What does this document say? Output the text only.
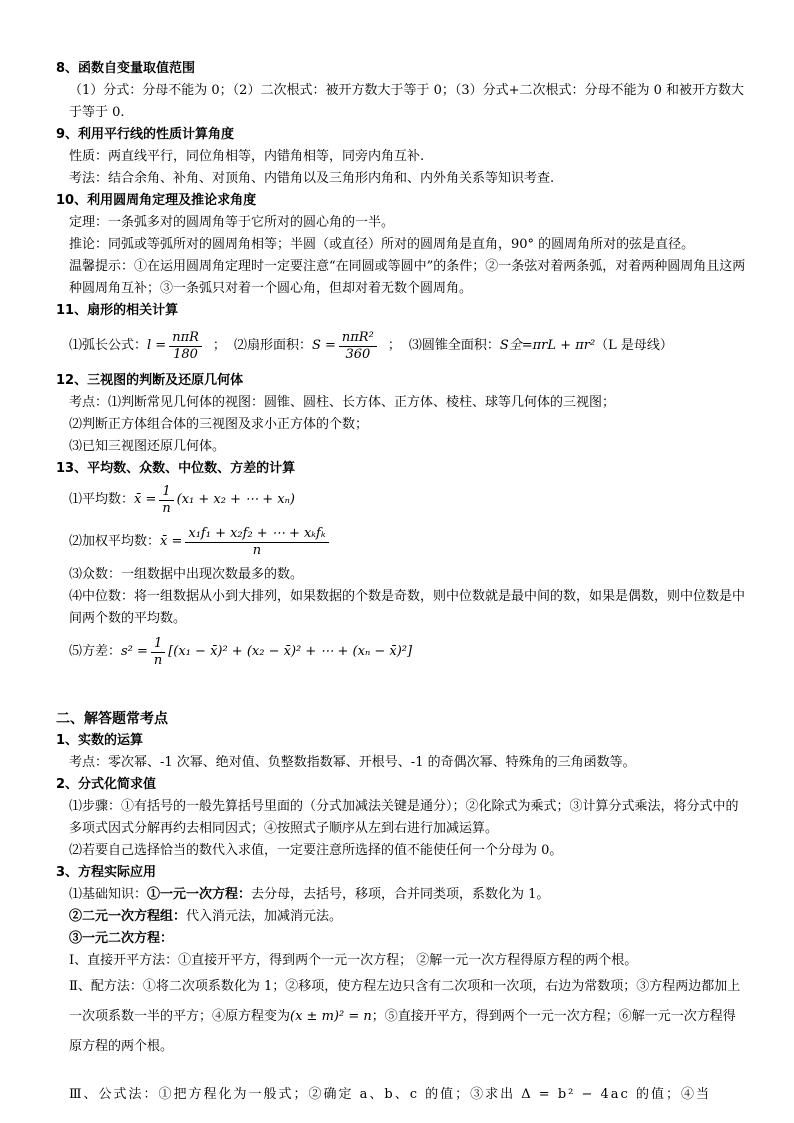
8、函数自变量取值范围
（1）分式：分母不能为 0；（2）二次根式：被开方数大于等于 0；（3）分式+二次根式：分母不能为 0 和被开方数大于等于 0.
9、利用平行线的性质计算角度
性质：两直线平行，同位角相等，内错角相等，同旁内角互补.
考法：结合余角、补角、对顶角、内错角以及三角形内角和、内外角关系等知识考查.
10、利用圆周角定理及推论求角度
定理：一条弧多对的圆周角等于它所对的圆心角的一半。
推论：同弧或等弧所对的圆周角相等；半圆（或直径）所对的圆周角是直角，90° 的圆周角所对的弦是直径。
温馨提示：①在运用圆周角定理时一定要注意“在同圆或等圆中”的条件；②一条弦对着两条弧，对着两种圆周角且这两种圆周角互补；③一条弧只对着一个圆心角，但却对着无数个圆周角。
11、扇形的相关计算
⑴弧长公式： $l = \frac{\text{nπR}}{180}$ ； ⑵扇形面积： $S = \frac{\text{nπR²}}{360}$ ； ⑶圆锥全面积： S全=πrL + πr² （L 是母线）
12、三视图的判断及还原几何体
考点：⑴判断常见几何体的视图：圆锥、圆柱、长方体、正方体、棱柱、球等几何体的三视图；
⑵判断正方体组合体的三视图及求小正方体的个数；
⑶已知三视图还原几何体。
13、平均数、众数、中位数、方差的计算
⑴平均数： x̄ = $\frac{1}{n} (x_1 + x_2$ + ⋯ + xₙ)
⑵加权平均数： x̄ = $\frac{\text{x₁f₁ + x₂f₂ + ⋯ + xₖfₖ}}{n}$
⑶众数：一组数据中出现次数最多的数。
⑷中位数：将一组数据从小到大排列，如果数据的个数是奇数，则中位数就是最中间的数，如果是偶数，则中位数是中间两个数的平均数。
⑸方差： $s^2 = \frac{1}{n} [(x_1$ − x̄)² + (x₂ − x̄)² + ⋯ + (xₙ − x̄)²]
二、解答题常考点
1、实数的运算
考点：零次幂、-1 次幂、绝对值、负整数指数幂、开根号、-1 的奇偶次幂、特殊角的三角函数等。
2、分式化简求值
⑴步骤：①有括号的一般先算括号里面的（分式加减法关键是通分）；②化除式为乘式；③计算分式乘法，将分式中的多项式因式分解再约去相同因式；④按照式子顺序从左到右进行加减运算。
⑵若要自己选择恰当的数代入求值，一定要注意所选择的值不能使任何一个分母为 0。
3、方程实际应用
⑴基础知识：①一元一次方程：去分母，去括号，移项，合并同类项，系数化为 1。
②二元一次方程组：代入消元法，加减消元法。
③一元二次方程：
Ⅰ、直接开平方法：①直接开平方，得到两个一元一次方程； ②解一元一次方程得原方程的两个根。
Ⅱ、配方法：①将二次项系数化为 1；②移项，使方程左边只含有二次项和一次项，右边为常数项；③方程两边都加上一次项系数一半的平方；④原方程变为(x ± m)² = n；⑤直接开平方，得到两个一元一次方程；⑥解一元一次方程得原方程的两个根。
Ⅲ、公式法：①把方程化为一般式；②确定 a、b、c 的值；③求出 Δ = b² − 4ac 的值；④当
